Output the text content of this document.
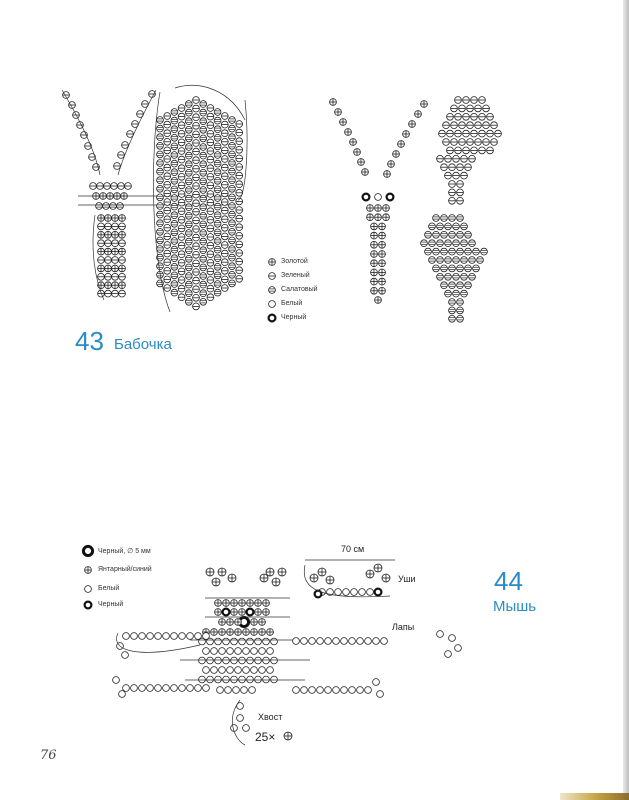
43 Бабочка
Золотой
Зеленый
Салатовый
Белый
Черный
44
Мышь
Черный, ∅ 5 мм
Янтарный/синий
Белый
Черный
70 см
Уши
Лапы
Хвост
25×
76
